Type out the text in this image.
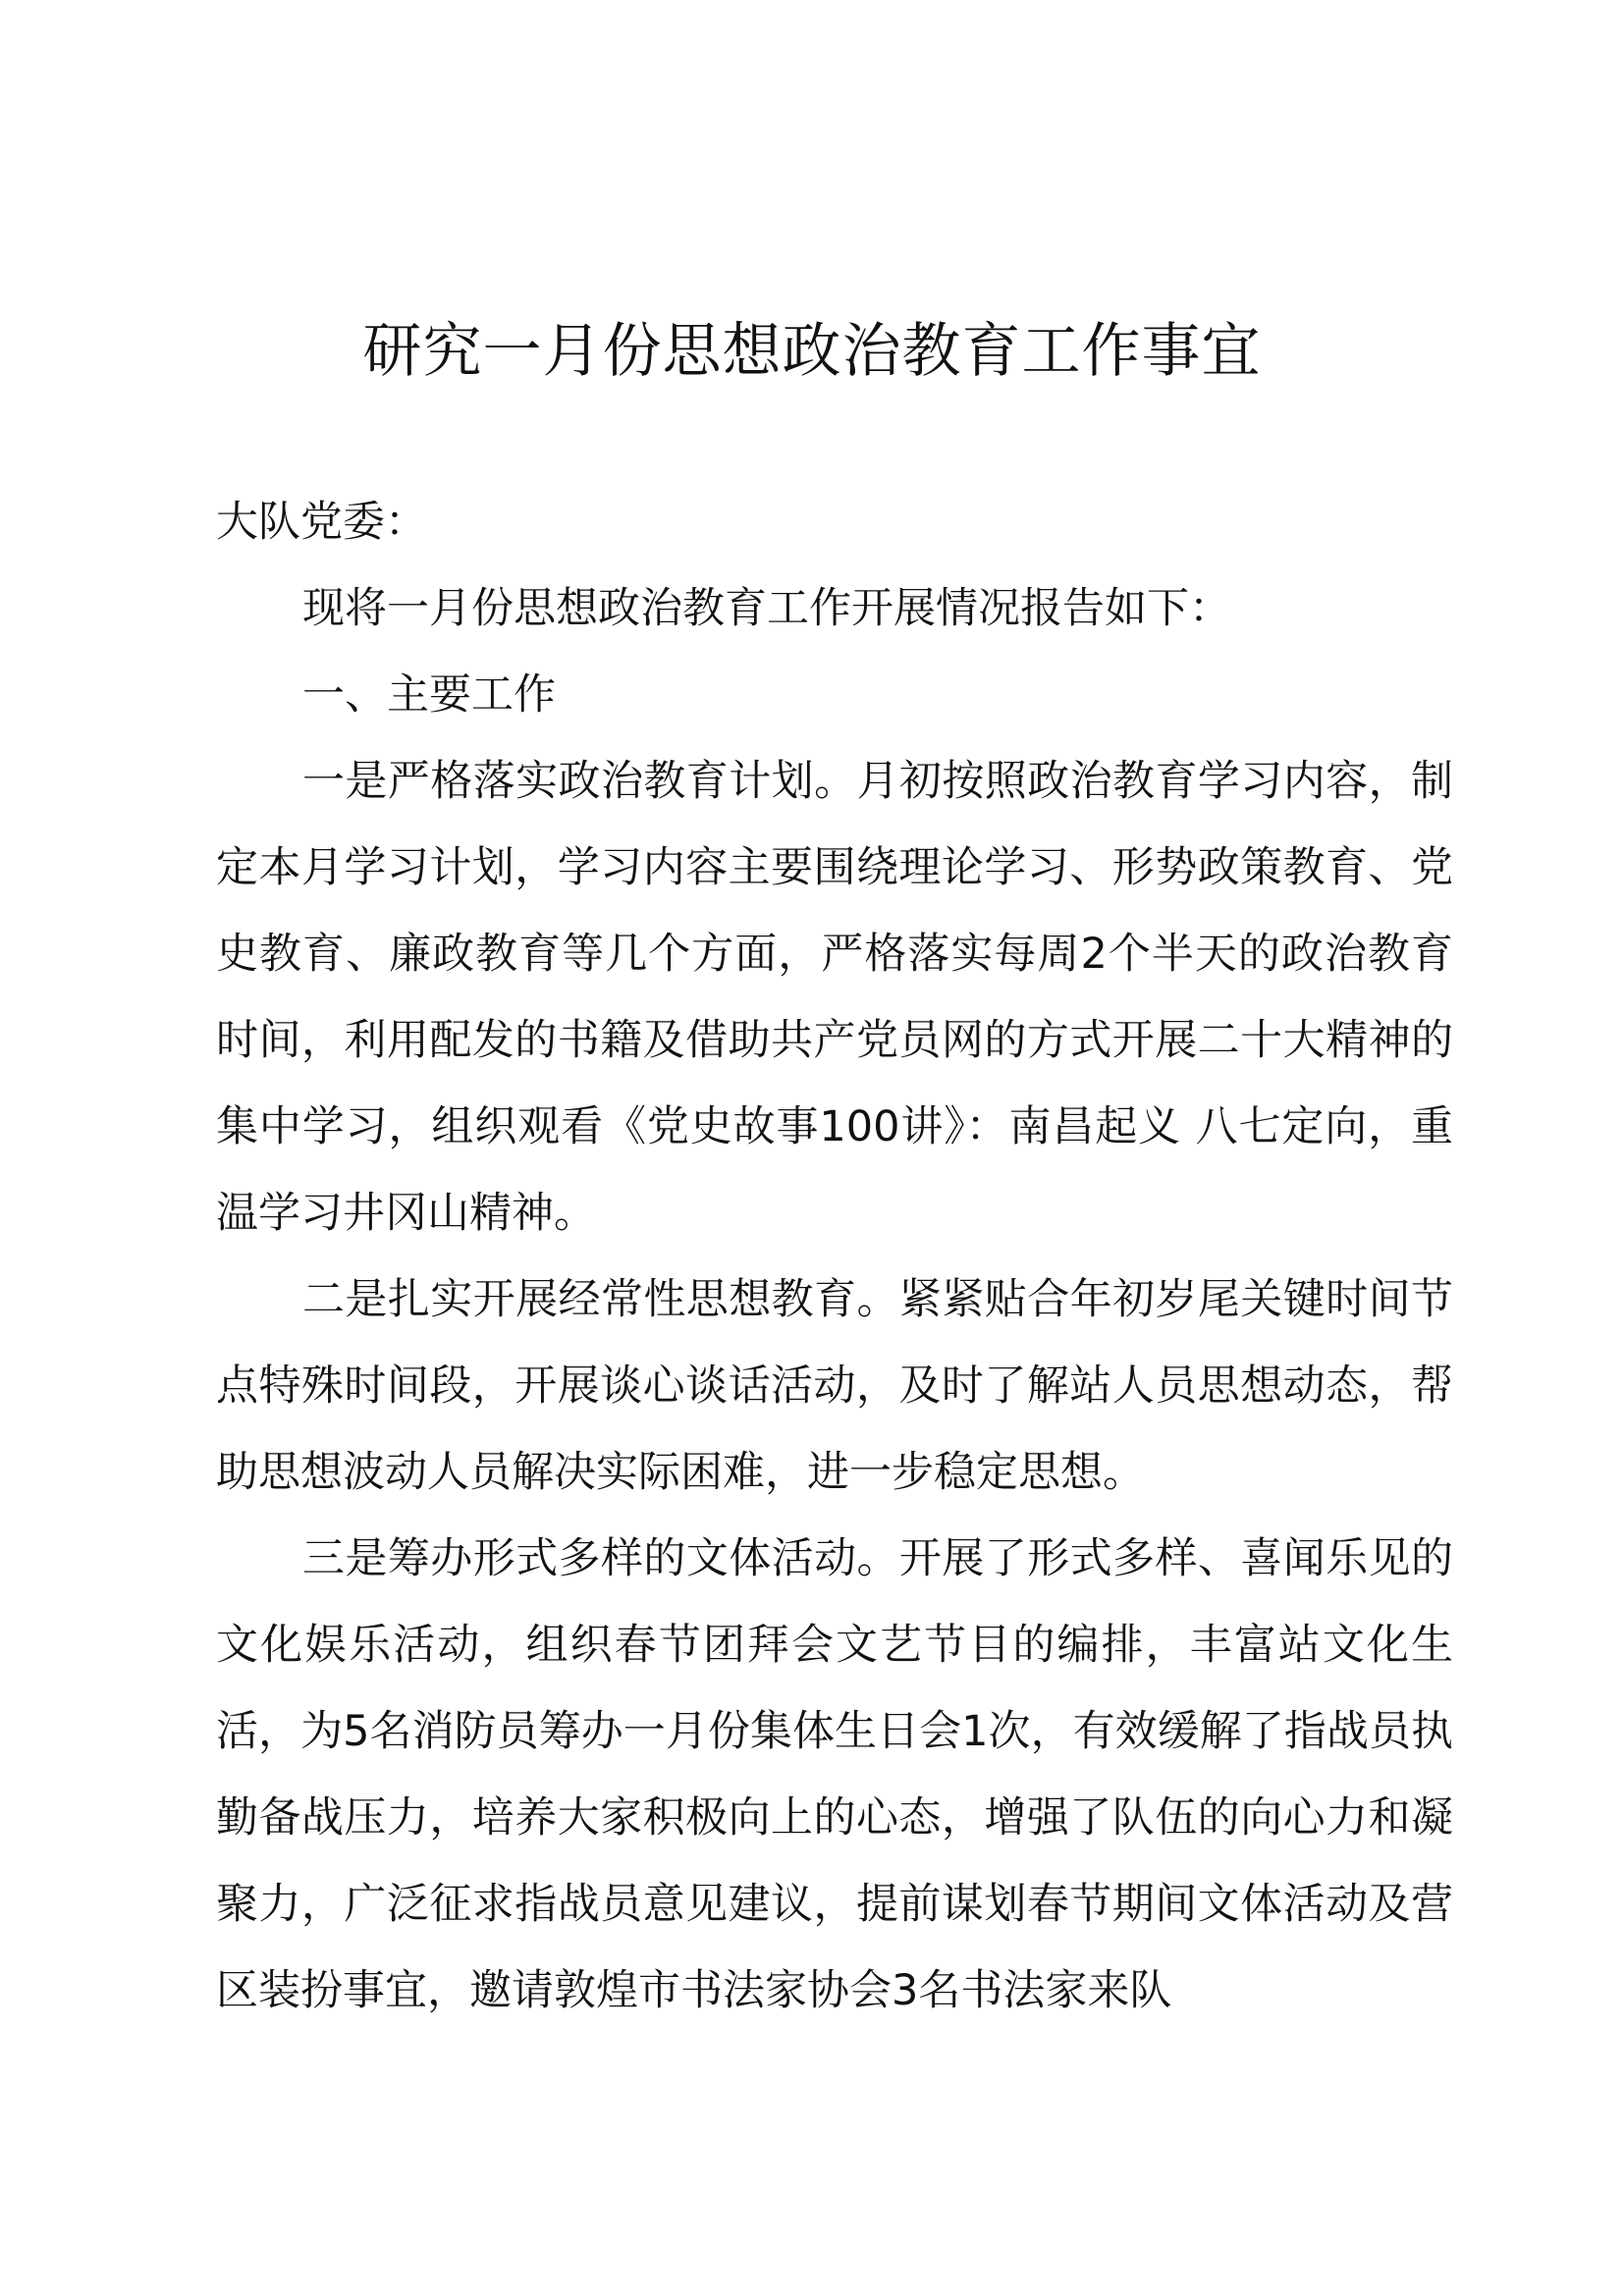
研究一月份思想政治教育工作事宜

大队党委：

现将一月份思想政治教育工作开展情况报告如下：

一、主要工作

一是严格落实政治教育计划。月初按照政治教育学习内容，制定本月学习计划，学习内容主要围绕理论学习、形势政策教育、党史教育、廉政教育等几个方面，严格落实每周2个半天的政治教育时间，利用配发的书籍及借助共产党员网的方式开展二十大精神的集中学习，组织观看《党史故事100讲》：南昌起义 八七定向，重温学习井冈山精神。

二是扎实开展经常性思想教育。紧紧贴合年初岁尾关键时间节点特殊时间段，开展谈心谈话活动，及时了解站人员思想动态，帮助思想波动人员解决实际困难，进一步稳定思想。

三是筹办形式多样的文体活动。开展了形式多样、喜闻乐见的文化娱乐活动，组织春节团拜会文艺节目的编排，丰富站文化生活，为5名消防员筹办一月份集体生日会1次，有效缓解了指战员执勤备战压力，培养大家积极向上的心态，增强了队伍的向心力和凝聚力，广泛征求指战员意见建议，提前谋划春节期间文体活动及营区装扮事宜，邀请敦煌市书法家协会3名书法家来队
